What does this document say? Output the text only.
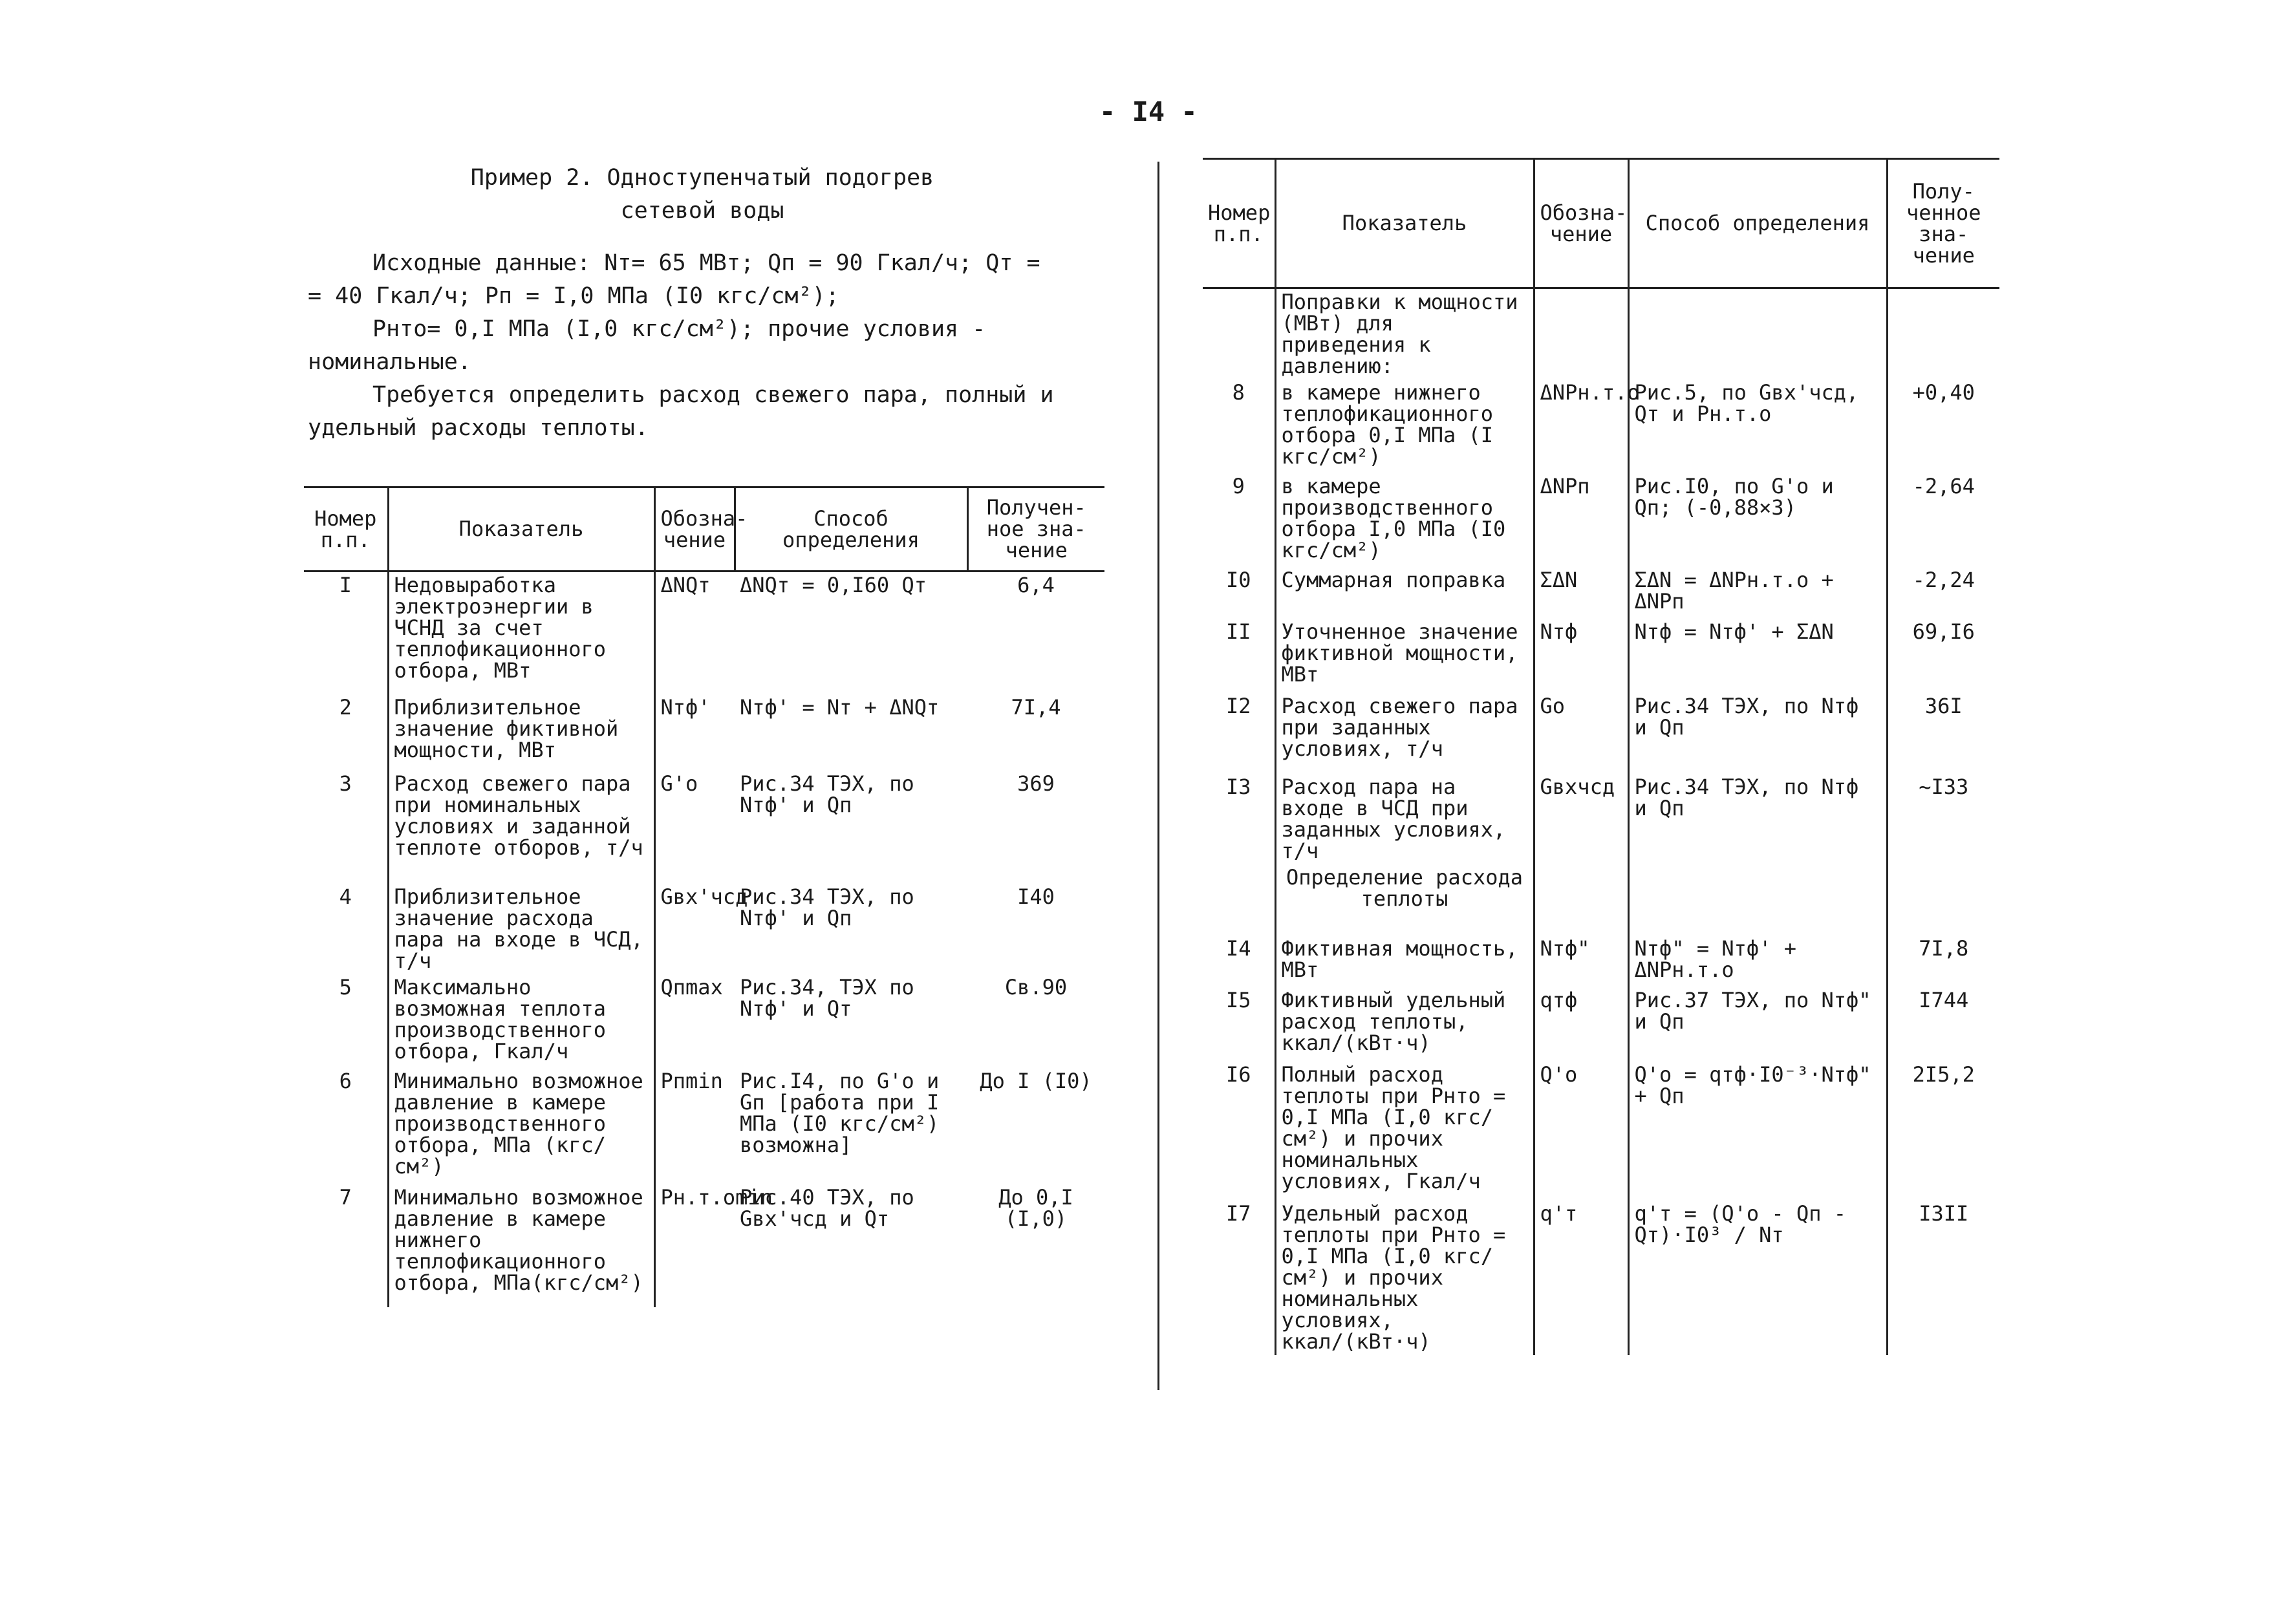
- I4 -

Пример 2. Одноступенчатый подогрев

сетевой воды

Исходные данные: Nт= 65 МВт; Qп = 90 Гкал/ч; Qт =

= 40 Гкал/ч; Pп = I,0 МПа (I0 кгс/см²);

Pнтo= 0,I МПа (I,0 кгс/см²); прочие условия -

номинальные.

Требуется определить расход свежего пара, полный и

удельный расходы теплоты.

Номер п.п.	Показатель	Обозна-чение	Способ определения	Получен-ное зна-чение
I	Недовыработка электроэнергии в ЧСНД за счет теплофикационного отбора, МВт	ΔNQт	ΔNQт = 0,I60 Qт	6,4
2	Приблизительное значение фиктивной мощности, МВт	Nтф'	Nтф' = Nт + ΔNQт	7I,4
3	Расход свежего пара при номинальных условиях и заданной теплоте отборов, т/ч	G'o	Рис.34 ТЭХ, по Nтф' и Qп	369
4	Приблизительное значение расхода пара на входе в ЧСД, т/ч	Gвх'чсд	Рис.34 ТЭХ, по Nтф' и Qп	I40
5	Максимально возможная теплота производственного отбора, Гкал/ч	Qпmax	Рис.34, ТЭХ по Nтф' и Qт	Св.90
6	Минимально возможное давление в камере производственного отбора, МПа (кгс/см²)	Pпmin	Рис.I4, по G'o и Gп [работа при I МПа (I0 кгс/см²) возможна]	До I (I0)
7	Минимально возможное давление в камере нижнего теплофикационного отбора, МПа(кгс/см²)	Pн.т.оmin	Рис.40 ТЭХ, по Gвх'чсд и Qт	До 0,I (I,0)
Номер п.п.	Показатель	Обозна-чение	Способ определения	Полу-ченное зна-чение
	Поправки к мощности (МВт) для приведения к давлению:			
8	в камере нижнего теплофикационного отбора 0,I МПа (I кгс/см²)	ΔNPн.т.о	Рис.5, по Gвх'чсд, Qт и Pн.т.о	+0,40
9	в камере производственного отбора I,0 МПа (I0 кгс/см²)	ΔNPп	Рис.I0, по G'o и Qп; (-0,88×3)	-2,64
I0	Суммарная поправка	ΣΔN	ΣΔN = ΔNPн.т.о + ΔNPп	-2,24
II	Уточненное значение фиктивной мощности, МВт	Nтф	Nтф = Nтф' + ΣΔN	69,I6
I2	Расход свежего пара при заданных условиях, т/ч	Go	Рис.34 ТЭХ, по Nтф и Qп	36I
I3	Расход пара на входе в ЧСД при заданных условиях, т/ч	Gвхчсд	Рис.34 ТЭХ, по Nтф и Qп	~I33
	Определение расхода теплоты			
I4	Фиктивная мощность, МВт	Nтф"	Nтф" = Nтф' + ΔNPн.т.о	7I,8
I5	Фиктивный удельный расход теплоты, ккал/(кВт·ч)	qтф	Рис.37 ТЭХ, по Nтф" и Qп	I744
I6	Полный расход теплоты при Pнто = 0,I МПа (I,0 кгс/см²) и прочих номинальных условиях, Гкал/ч	Q'o	Q'o = qтф·I0⁻³·Nтф" + Qп	2I5,2
I7	Удельный расход теплоты при Pнто = 0,I МПа (I,0 кгс/см²) и прочих номинальных условиях, ккал/(кВт·ч)	q'т	q'т = (Q'o - Qп - Qт)·I0³ / Nт	I3II
